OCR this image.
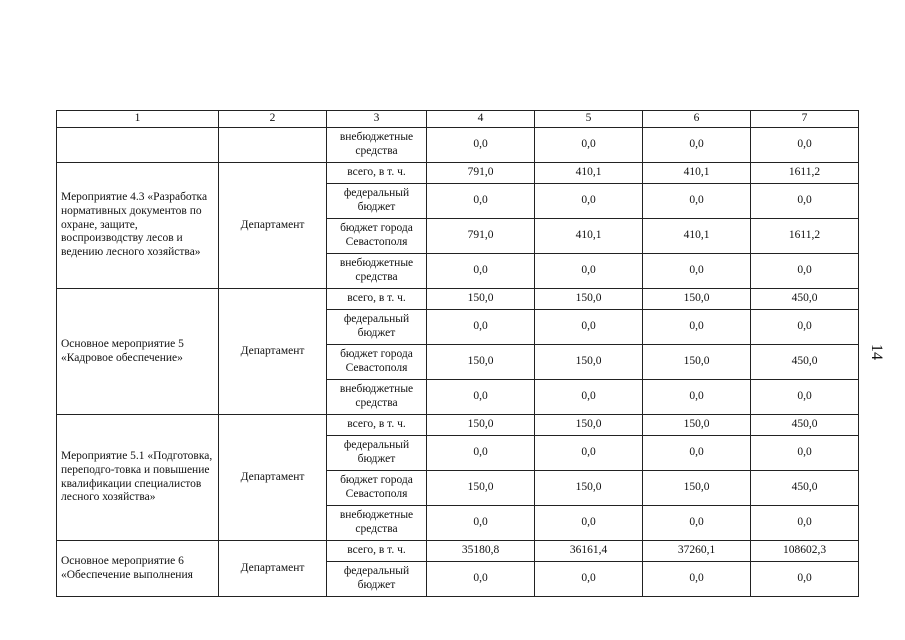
1	2	3	4	5	6	7
		внебюджетные средства	0,0	0,0	0,0	0,0
Мероприятие 4.3 «Разработка нормативных документов по охране, защите, воспроизводству лесов и ведению лесного хозяйства»	Департамент	всего, в т. ч.	791,0	410,1	410,1	1611,2
		федеральный бюджет	0,0	0,0	0,0	0,0
		бюджет города Севастополя	791,0	410,1	410,1	1611,2
		внебюджетные средства	0,0	0,0	0,0	0,0
Основное мероприятие 5 «Кадровое обеспечение»	Департамент	всего, в т. ч.	150,0	150,0	150,0	450,0
		федеральный бюджет	0,0	0,0	0,0	0,0
		бюджет города Севастополя	150,0	150,0	150,0	450,0
		внебюджетные средства	0,0	0,0	0,0	0,0
Мероприятие 5.1 «Подготовка, переподго-товка и повышение квалификации специалистов лесного хозяйства»	Департамент	всего, в т. ч.	150,0	150,0	150,0	450,0
		федеральный бюджет	0,0	0,0	0,0	0,0
		бюджет города Севастополя	150,0	150,0	150,0	450,0
		внебюджетные средства	0,0	0,0	0,0	0,0
Основное мероприятие 6 «Обеспечение выполнения	Департамент	всего, в т. ч.	35180,8	36161,4	37260,1	108602,3
		федеральный бюджет	0,0	0,0	0,0	0,0
14
